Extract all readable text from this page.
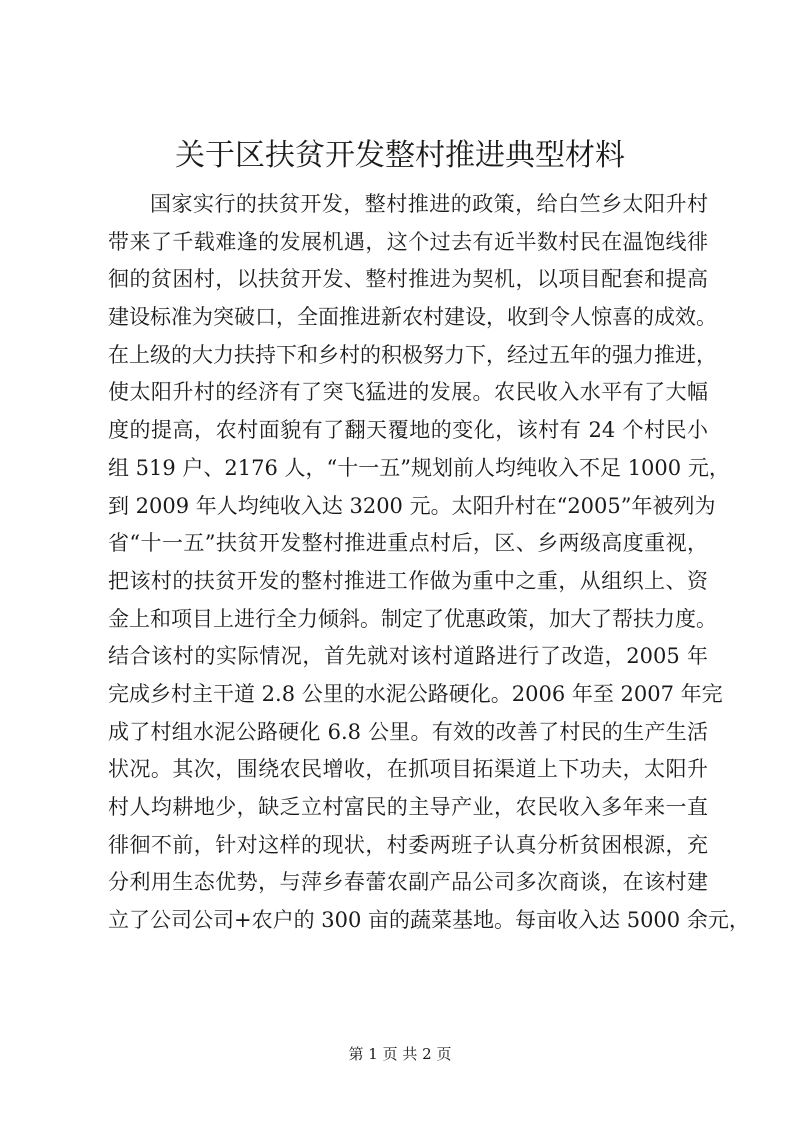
关于区扶贫开发整村推进典型材料
国家实行的扶贫开发，整村推进的政策，给白竺乡太阳升村
带来了千载难逢的发展机遇，这个过去有近半数村民在温饱线徘
徊的贫困村，以扶贫开发、整村推进为契机，以项目配套和提高
建设标准为突破口，全面推进新农村建设，收到令人惊喜的成效。
在上级的大力扶持下和乡村的积极努力下，经过五年的强力推进，
使太阳升村的经济有了突飞猛进的发展。农民收入水平有了大幅
度的提高，农村面貌有了翻天覆地的变化，该村有 24 个村民小
组 519 户、2176 人，“十一五”规划前人均纯收入不足 1000 元，
到 2009 年人均纯收入达 3200 元。太阳升村在“2005”年被列为
省“十一五”扶贫开发整村推进重点村后，区、乡两级高度重视，
把该村的扶贫开发的整村推进工作做为重中之重，从组织上、资
金上和项目上进行全力倾斜。制定了优惠政策，加大了帮扶力度。
结合该村的实际情况，首先就对该村道路进行了改造，2005 年
完成乡村主干道 2.8 公里的水泥公路硬化。2006 年至 2007 年完
成了村组水泥公路硬化 6.8 公里。有效的改善了村民的生产生活
状况。其次，围绕农民增收，在抓项目拓渠道上下功夫，太阳升
村人均耕地少，缺乏立村富民的主导产业，农民收入多年来一直
徘徊不前，针对这样的现状，村委两班子认真分析贫困根源，充
分利用生态优势，与萍乡春蕾农副产品公司多次商谈，在该村建
立了公司公司+农户的 300 亩的蔬菜基地。每亩收入达 5000 余元，
第 1 页 共 2 页
